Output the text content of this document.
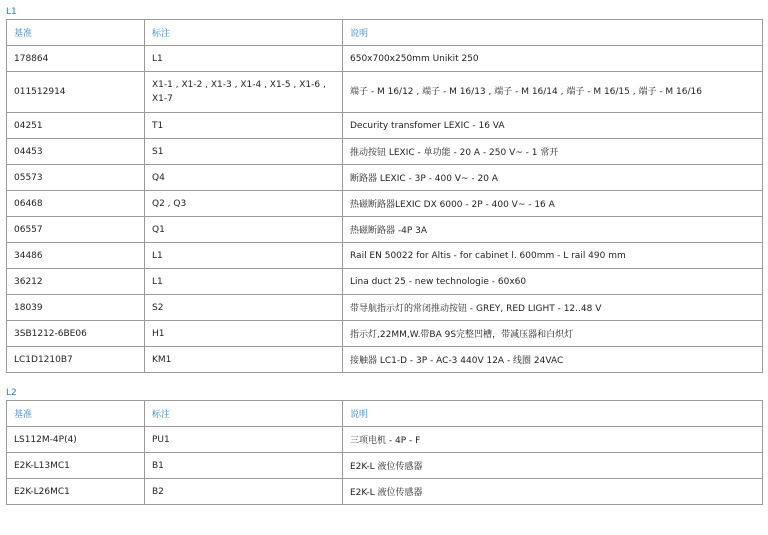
L1
基准	标注	说明
178864	L1	650x700x250mm Unikit 250
011512914	X1-1 , X1-2 , X1-3 , X1-4 , X1-5 , X1-6 , X1-7	端子 - M 16/12 , 端子 - M 16/13 , 端子 - M 16/14 , 端子 - M 16/15 , 端子 - M 16/16
04251	T1	Decurity transfomer LEXIC - 16 VA
04453	S1	推动按钮 LEXIC - 单功能 - 20 A - 250 V~ - 1 常开
05573	Q4	断路器 LEXIC - 3P - 400 V~ - 20 A
06468	Q2 , Q3	热磁断路器LEXIC DX 6000 - 2P - 400 V~ - 16 A
06557	Q1	热磁断路器 -4P 3A
34486	L1	Rail EN 50022 for Altis - for cabinet l. 600mm - L rail 490 mm
36212	L1	Lina duct 25 - new technologie - 60x60
18039	S2	带导航指示灯的常闭推动按钮 - GREY, RED LIGHT - 12..48 V
3SB1212-6BE06	H1	指示灯,22MM,W.带BA 9S完整凹槽，带减压器和白炽灯
LC1D1210B7	KM1	接触器 LC1-D - 3P - AC-3 440V 12A - 线圈 24VAC
L2
基准	标注	说明
LS112M-4P(4)	PU1	三项电机 - 4P - F
E2K-L13MC1	B1	E2K-L 液位传感器
E2K-L26MC1	B2	E2K-L 液位传感器
